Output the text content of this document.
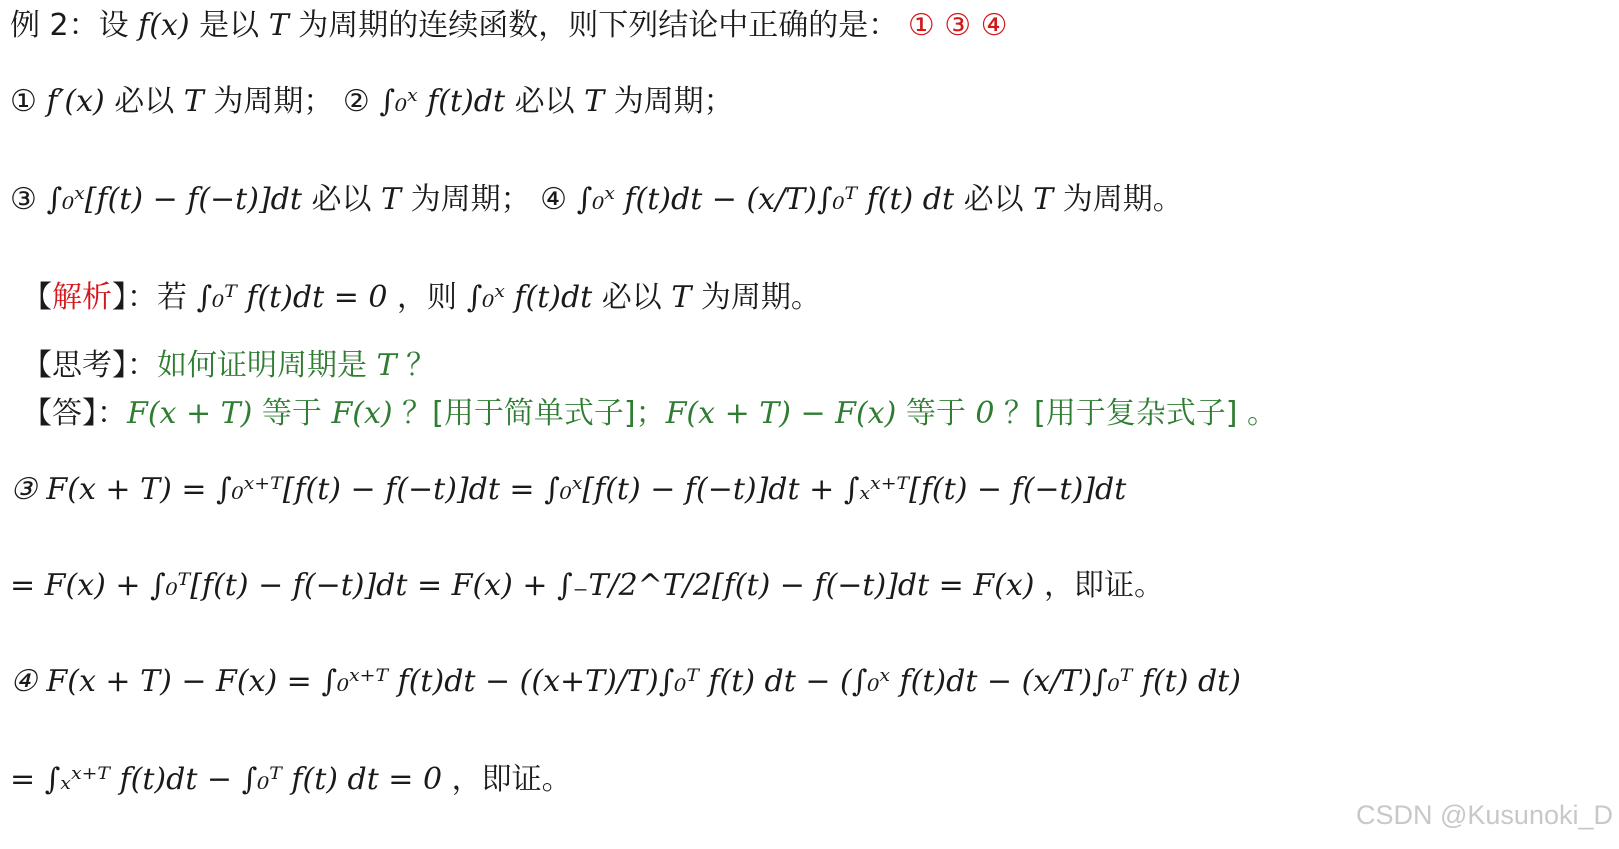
例 2：设 f(x) 是以 T 为周期的连续函数，则下列结论中正确的是： ① ③ ④
① f′(x) 必以 T 为周期； ② ∫₀ˣ f(t)dt 必以 T 为周期；
③ ∫₀ˣ[f(t) − f(−t)]dt 必以 T 为周期； ④ ∫₀ˣ f(t)dt − (x/T)∫₀ᵀ f(t) dt 必以 T 为周期。
【解析】：若 ∫₀ᵀ f(t)dt = 0 ，则 ∫₀ˣ f(t)dt 必以 T 为周期。
【思考】：如何证明周期是 T ？
【答】：F(x + T) 等于 F(x) ？[用于简单式子]；F(x + T) − F(x) 等于 0 ？[用于复杂式子] 。
③ F(x + T) = ∫₀ˣ⁺ᵀ[f(t) − f(−t)]dt = ∫₀ˣ[f(t) − f(−t)]dt + ∫ₓˣ⁺ᵀ[f(t) − f(−t)]dt
= F(x) + ∫₀ᵀ[f(t) − f(−t)]dt = F(x) + ∫₋T/2^T/2[f(t) − f(−t)]dt = F(x) ，即证。
④ F(x + T) − F(x) = ∫₀ˣ⁺ᵀ f(t)dt − ((x+T)/T)∫₀ᵀ f(t) dt − (∫₀ˣ f(t)dt − (x/T)∫₀ᵀ f(t) dt)
= ∫ₓˣ⁺ᵀ f(t)dt − ∫₀ᵀ f(t) dt = 0 ，即证。
CSDN @Kusunoki_D
